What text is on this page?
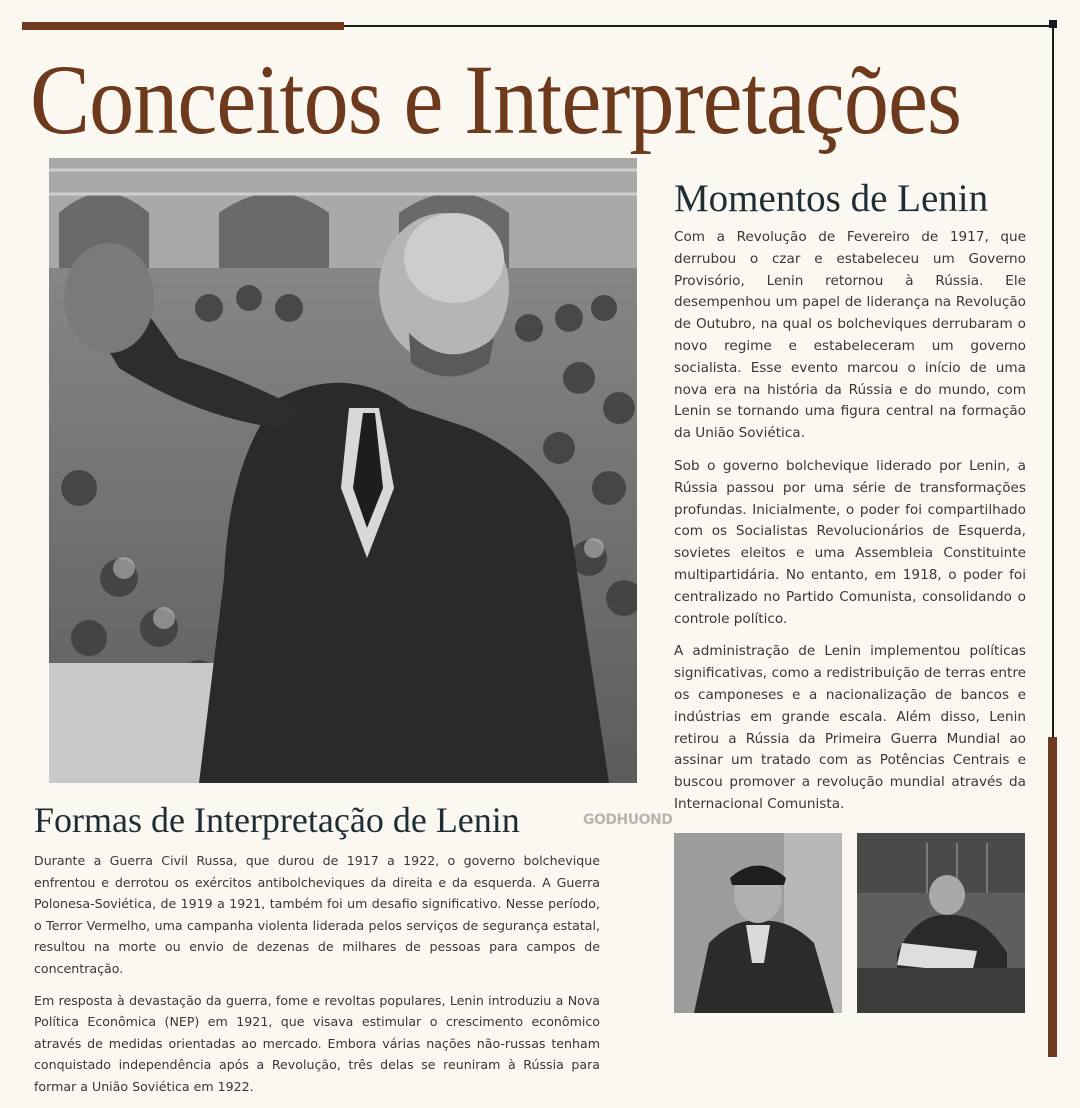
Conceitos e Interpretações
Momentos de Lenin

Com a Revolução de Fevereiro de 1917, que derrubou o czar e estabeleceu um Governo Provisório, Lenin retornou à Rússia. Ele desempenhou um papel de liderança na Revolução de Outubro, na qual os bolcheviques derrubaram o novo regime e estabeleceram um governo socialista. Esse evento marcou o início de uma nova era na história da Rússia e do mundo, com Lenin se tornando uma figura central na formação da União Soviética.

Sob o governo bolchevique liderado por Lenin, a Rússia passou por uma série de transformações profundas. Inicialmente, o poder foi compartilhado com os Socialistas Revolucionários de Esquerda, sovietes eleitos e uma Assembleia Constituinte multipartidária. No entanto, em 1918, o poder foi centralizado no Partido Comunista, consolidando o controle político.

A administração de Lenin implementou políticas significativas, como a redistribuição de terras entre os camponeses e a nacionalização de bancos e indústrias em grande escala. Além disso, Lenin retirou a Rússia da Primeira Guerra Mundial ao assinar um tratado com as Potências Centrais e buscou promover a revolução mundial através da Internacional Comunista.

Formas de Interpretação de Lenin	GODHUOND

Durante a Guerra Civil Russa, que durou de 1917 a 1922, o governo bolchevique enfrentou e derrotou os exércitos antibolcheviques da direita e da esquerda. A Guerra Polonesa-Soviética, de 1919 a 1921, também foi um desafio significativo. Nesse período, o Terror Vermelho, uma campanha violenta liderada pelos serviços de segurança estatal, resultou na morte ou envio de dezenas de milhares de pessoas para campos de concentração.

Em resposta à devastação da guerra, fome e revoltas populares, Lenin introduziu a Nova Política Econômica (NEP) em 1921, que visava estimular o crescimento econômico através de medidas orientadas ao mercado. Embora várias nações não-russas tenham conquistado independência após a Revolução, três delas se reuniram à Rússia para formar a União Soviética em 1922.
